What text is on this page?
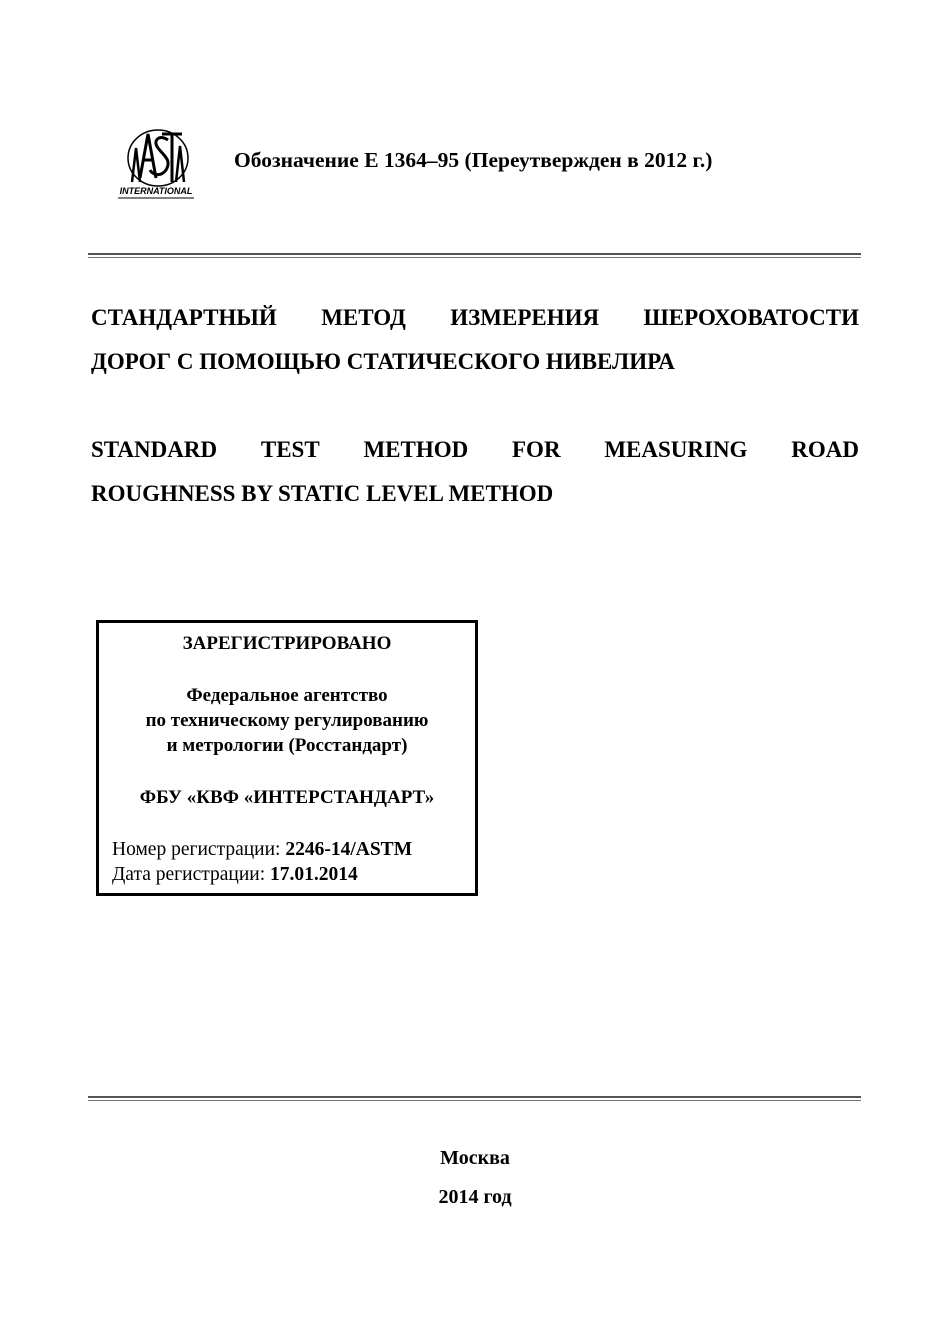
INTERNATIONAL
Обозначение E 1364–95 (Переутвержден в 2012 г.)
СТАНДАРТНЫЙ МЕТОД ИЗМЕРЕНИЯ ШЕРОХОВАТОСТИ
ДОРОГ С ПОМОЩЬЮ СТАТИЧЕСКОГО НИВЕЛИРА
STANDARD TEST METHOD FOR MEASURING ROAD
ROUGHNESS BY STATIC LEVEL METHOD
ЗАРЕГИСТРИРОВАНО
Федеральное агентство
по техническому регулированию
и метрологии (Росстандарт)
ФБУ «КВФ «ИНТЕРСТАНДАРТ»
Номер регистрации: 2246-14/ASTM
Дата регистрации: 17.01.2014
Москва
2014 год
